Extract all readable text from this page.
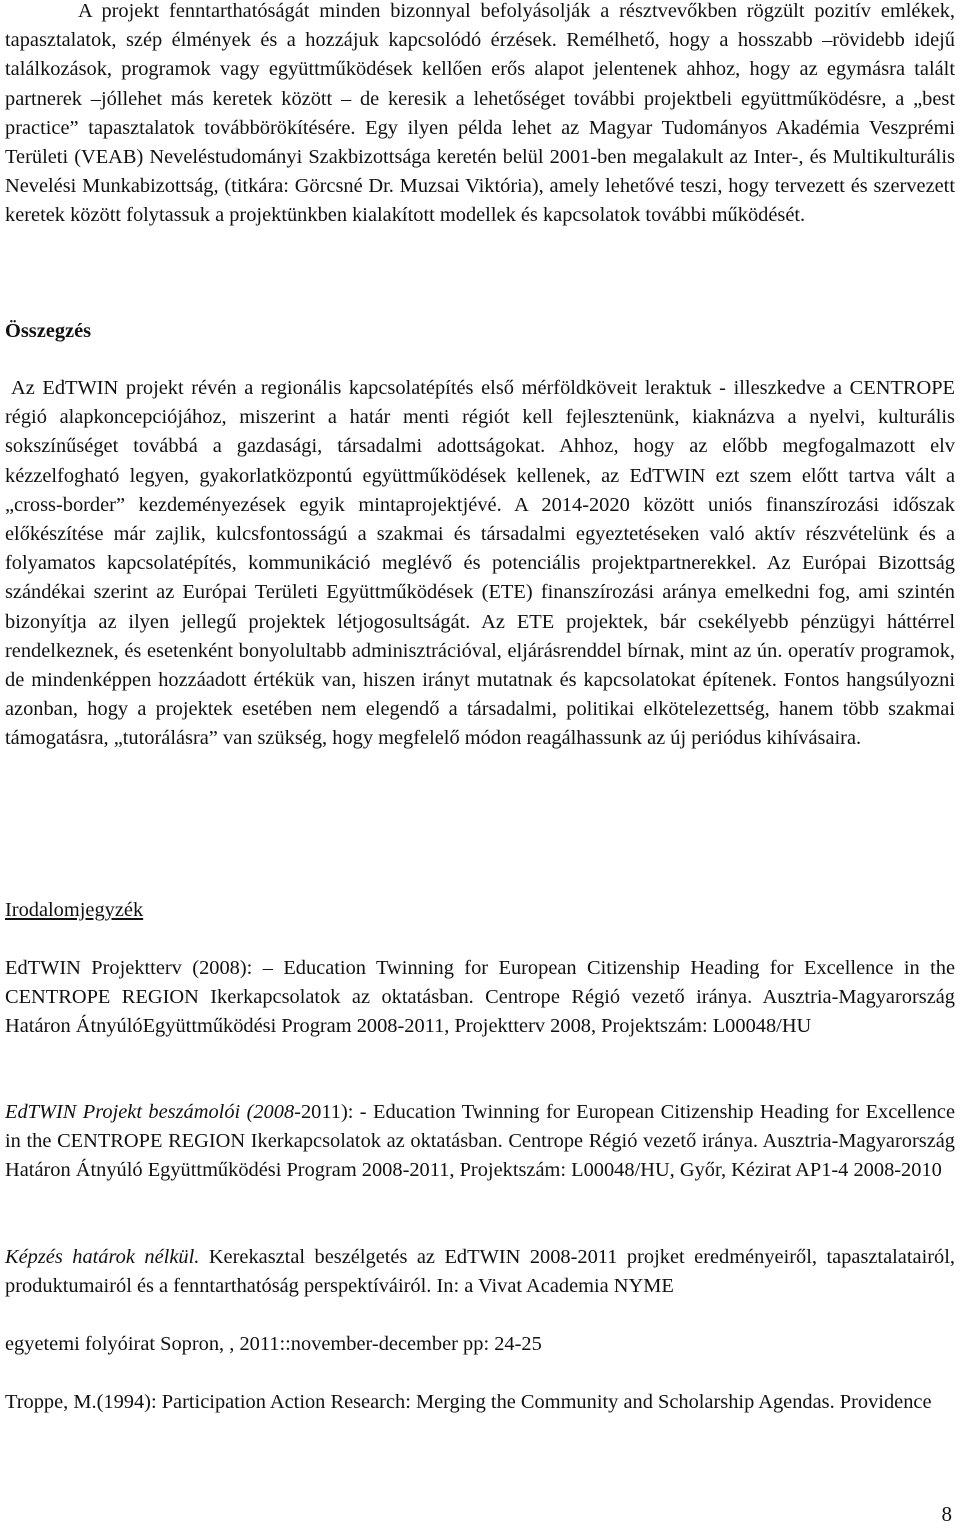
A projekt fenntarthatóságát minden bizonnyal befolyásolják a résztvevőkben rögzült pozitív emlékek, tapasztalatok, szép élmények és a hozzájuk kapcsolódó érzések. Remélhető, hogy a hosszabb –rövidebb idejű találkozások, programok vagy együttműködések kellően erős alapot jelentenek ahhoz, hogy az egymásra talált partnerek –jóllehet más keretek között – de keresik a lehetőséget további projektbeli együttműködésre, a „best practice” tapasztalatok továbbörökítésére. Egy ilyen példa lehet az Magyar Tudományos Akadémia Veszprémi Területi (VEAB) Neveléstudományi Szakbizottsága keretén belül 2001-ben megalakult az Inter-, és Multikulturális Nevelési Munkabizottság, (titkára: Görcsné Dr. Muzsai Viktória), amely lehetővé teszi, hogy tervezett és szervezett keretek között folytassuk a projektünkben kialakított modellek és kapcsolatok további működését.

Összegzés

Az EdTWIN projekt révén a regionális kapcsolatépítés első mérföldköveit leraktuk - illeszkedve a CENTROPE régió alapkoncepciójához, miszerint a határ menti régiót kell fejlesztenünk, kiaknázva a nyelvi, kulturális sokszínűséget továbbá a gazdasági, társadalmi adottságokat. Ahhoz, hogy az előbb megfogalmazott elv kézzelfogható legyen, gyakorlatközpontú együttműködések kellenek, az EdTWIN ezt szem előtt tartva vált a „cross-border” kezdeményezések egyik mintaprojektjévé. A 2014-2020 között uniós finanszírozási időszak előkészítése már zajlik, kulcsfontosságú a szakmai és társadalmi egyeztetéseken való aktív részvételünk és a folyamatos kapcsolatépítés, kommunikáció meglévő és potenciális projektpartnerekkel. Az Európai Bizottság szándékai szerint az Európai Területi Együttműködések (ETE) finanszírozási aránya emelkedni fog, ami szintén bizonyítja az ilyen jellegű projektek létjogosultságát. Az ETE projektek, bár csekélyebb pénzügyi háttérrel rendelkeznek, és esetenként bonyolultabb adminisztrációval, eljárásrenddel bírnak, mint az ún. operatív programok, de mindenképpen hozzáadott értékük van, hiszen irányt mutatnak és kapcsolatokat építenek. Fontos hangsúlyozni azonban, hogy a projektek esetében nem elegendő a társadalmi, politikai elkötelezettség, hanem több szakmai támogatásra, „tutorálásra” van szükség, hogy megfelelő módon reagálhassunk az új periódus kihívásaira.

Irodalomjegyzék

EdTWIN Projektterv (2008): – Education Twinning for European Citizenship Heading for Excellence in the CENTROPE REGION Ikerkapcsolatok az oktatásban. Centrope Régió vezető iránya. Ausztria-Magyarország Határon ÁtnyúlóEgyüttműködési Program 2008-2011, Projektterv 2008, Projektszám: L00048/HU

EdTWIN Projekt beszámolói (2008-2011): - Education Twinning for European Citizenship Heading for Excellence in the CENTROPE REGION Ikerkapcsolatok az oktatásban. Centrope Régió vezető iránya. Ausztria-Magyarország Határon Átnyúló Együttműködési Program 2008-2011, Projektszám: L00048/HU, Győr, Kézirat AP1-4 2008-2010

Képzés határok nélkül. Kerekasztal beszélgetés az EdTWIN 2008-2011 projket eredményeiről, tapasztalatairól, produktumairól és a fenntarthatóság perspektíváiról. In: a Vivat Academia NYME

egyetemi folyóirat Sopron, , 2011::november-december pp: 24-25

Troppe, M.(1994): Participation Action Research: Merging the Community and Scholarship Agendas. Providence

8
